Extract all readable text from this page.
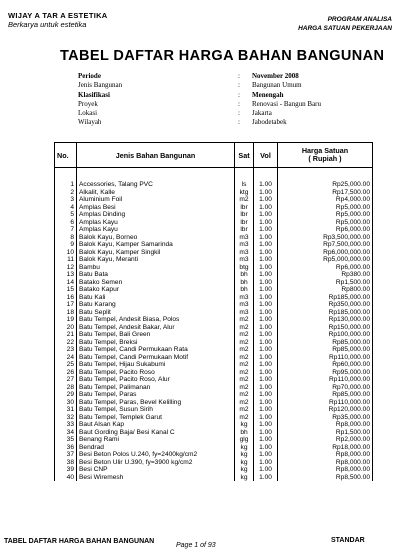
WIJAY A TAR A ESTETIKA
Berkarya untuk estetika
PROGRAM ANALISA
HARGA SATUAN PEKERJAAN
TABEL DAFTAR HARGA BAHAN BANGUNAN
Periode	:	November 2008
Jenis Bangunan	:	Bangunan Umum
Klasifikasi	:	Menengah
Proyek	:	Renovasi - Bangun Baru
Lokasi	:	Jakarta
Wilayah	:	Jabodetabek
No.	Jenis Bahan Bangunan	Sat	Vol	Harga Satuan
( Rupiah )

1	Accessories, Talang PVC	ls	1.00	Rp25,000.00
2	Alkalit, Kalle	ktg	1.00	Rp17,500.00
3	Aluminium Foil	m2	1.00	Rp4,000.00
4	Amplas Besi	lbr	1.00	Rp5,000.00
5	Amplas Dinding	lbr	1.00	Rp5,000.00
6	Amplas Kayu	lbr	1.00	Rp5,000.00
7	Amplas Kayu	lbr	1.00	Rp6,000.00
8	Balok Kayu, Borneo	m3	1.00	Rp3,500,000.00
9	Balok Kayu, Kamper Samarinda	m3	1.00	Rp7,500,000.00
10	Balok Kayu, Kamper Singkil	m3	1.00	Rp6,000,000.00
11	Balok Kayu, Meranti	m3	1.00	Rp5,000,000.00
12	Bambu	btg	1.00	Rp6,000.00
13	Batu Bata	bh	1.00	Rp380.00
14	Batako Semen	bh	1.00	Rp1,500.00
15	Batako Kapur	bh	1.00	Rp800.00
16	Batu Kali	m3	1.00	Rp185,000.00
17	Batu Karang	m3	1.00	Rp350,000.00
18	Batu Seplit	m3	1.00	Rp185,000.00
19	Batu Tempel, Andesit Biasa, Polos	m2	1.00	Rp130,000.00
20	Batu Tempel, Andesit Bakar, Alur	m2	1.00	Rp150,000.00
21	Batu Tempel, Bali Green	m2	1.00	Rp100,000.00
22	Batu Tempel, Breksi	m2	1.00	Rp85,000.00
23	Batu Tempel, Candi Permukaan Rata	m2	1.00	Rp85,000.00
24	Batu Tempel, Candi Permukaan Motif	m2	1.00	Rp110,000.00
25	Batu Tempel, Hijau Sukabumi	m2	1.00	Rp60,000.00
26	Batu Tempel, Pacito Roso	m2	1.00	Rp95,000.00
27	Batu Tempel, Pacito Roso, Alur	m2	1.00	Rp110,000.00
28	Batu Tempel, Palimanan	m2	1.00	Rp70,000.00
29	Batu Tempel, Paras	m2	1.00	Rp85,000.00
30	Batu Tempel, Paras, Bevel Kelilling	m2	1.00	Rp110,000.00
31	Batu Tempel, Susun Sirih	m2	1.00	Rp120,000.00
32	Batu Tempel, Templek Garut	m2	1.00	Rp35,000.00
33	Baut Alsan Kap	kg	1.00	Rp8,000.00
34	Baut Gording Baja/ Besi Kanal C	bh	1.00	Rp1,500.00
35	Benang Rami	glg	1.00	Rp2,000.00
36	Bendrad	kg	1.00	Rp18,000.00
37	Besi Beton Polos U.240, fy=2400kg/cm2	kg	1.00	Rp8,000.00
38	Besi Beton Ulir U.390, fy=3900 kg/cm2	kg	1.00	Rp8,000.00
39	Besi CNP	kg	1.00	Rp8,000.00
40	Besi Wiremesh	kg	1.00	Rp8,500.00
TABEL DAFTAR HARGA BAHAN BANGUNAN
Page 1 of 93
STANDAR
